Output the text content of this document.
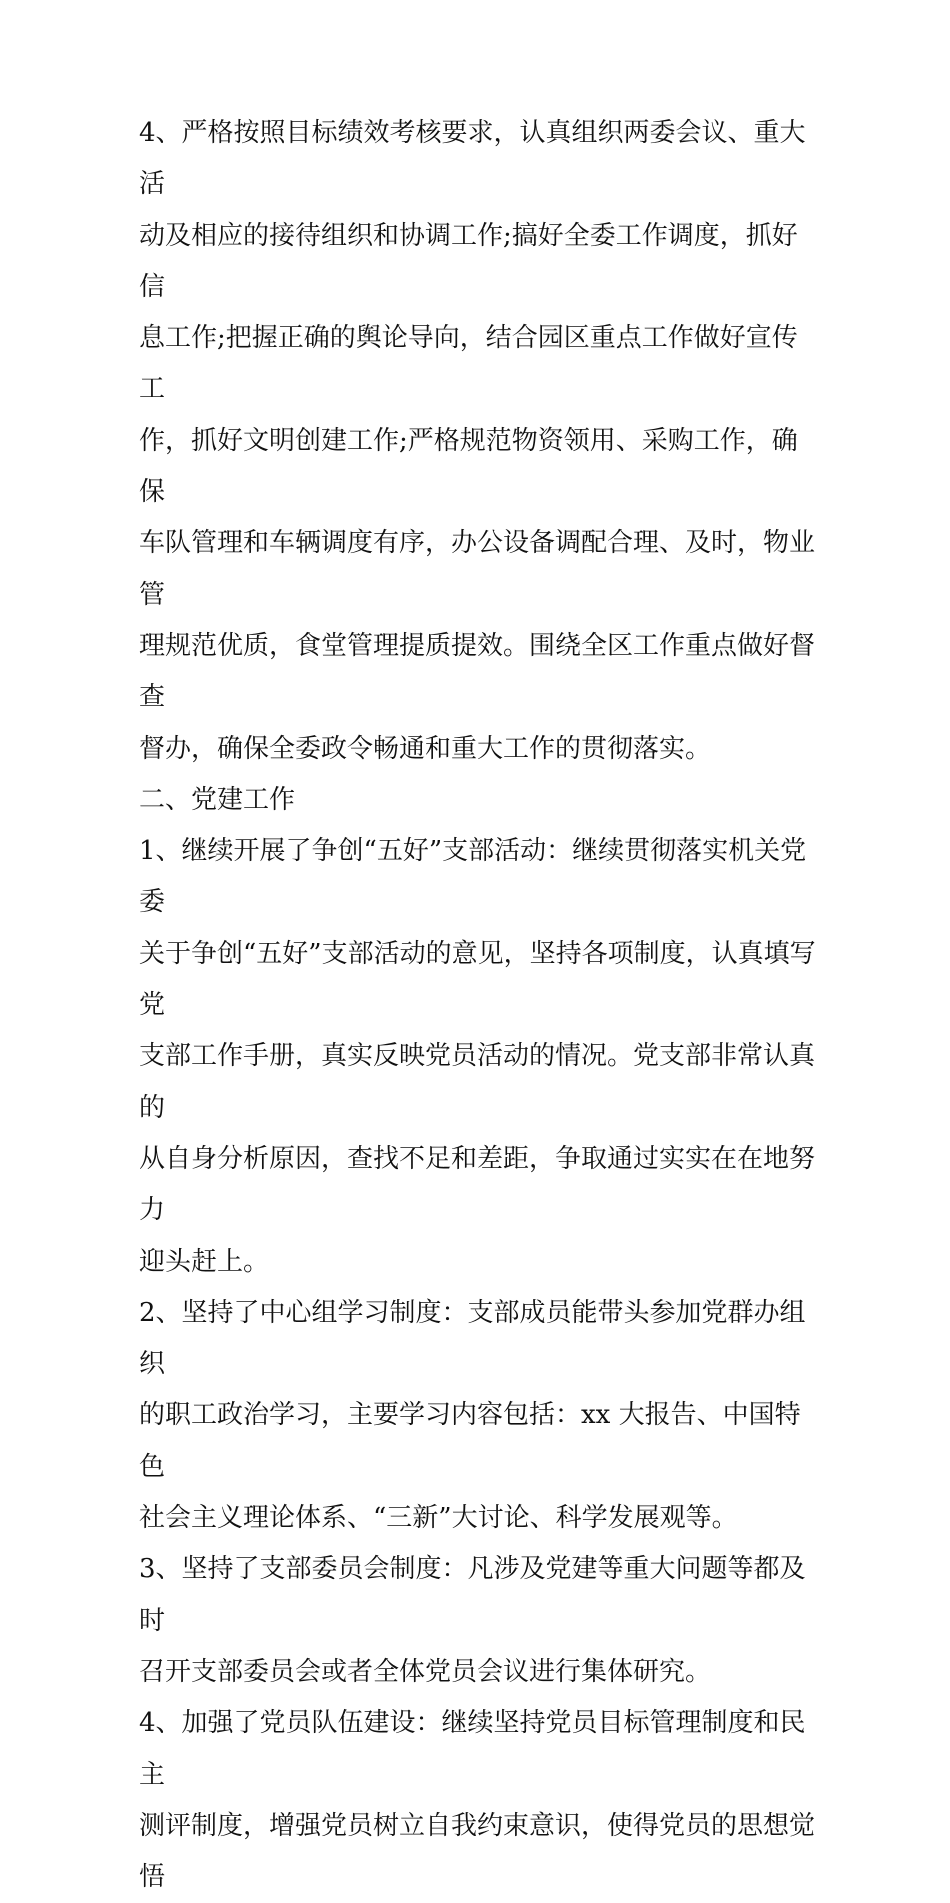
4、严格按照目标绩效考核要求，认真组织两委会议、重大活
动及相应的接待组织和协调工作;搞好全委工作调度，抓好信
息工作;把握正确的舆论导向，结合园区重点工作做好宣传工
作，抓好文明创建工作;严格规范物资领用、采购工作，确保
车队管理和车辆调度有序，办公设备调配合理、及时，物业管
理规范优质，食堂管理提质提效。围绕全区工作重点做好督查
督办，确保全委政令畅通和重大工作的贯彻落实。

二、党建工作

1、继续开展了争创“五好”支部活动：继续贯彻落实机关党委
关于争创“五好”支部活动的意见，坚持各项制度，认真填写党
支部工作手册，真实反映党员活动的情况。党支部非常认真的
从自身分析原因，查找不足和差距，争取通过实实在在地努力
迎头赶上。

2、坚持了中心组学习制度：支部成员能带头参加党群办组织
的职工政治学习，主要学习内容包括：xx 大报告、中国特色
社会主义理论体系、“三新”大讨论、科学发展观等。

3、坚持了支部委员会制度：凡涉及党建等重大问题等都及时
召开支部委员会或者全体党员会议进行集体研究。

4、加强了党员队伍建设：继续坚持党员目标管理制度和民主
测评制度，增强党员树立自我约束意识，使得党员的思想觉悟
